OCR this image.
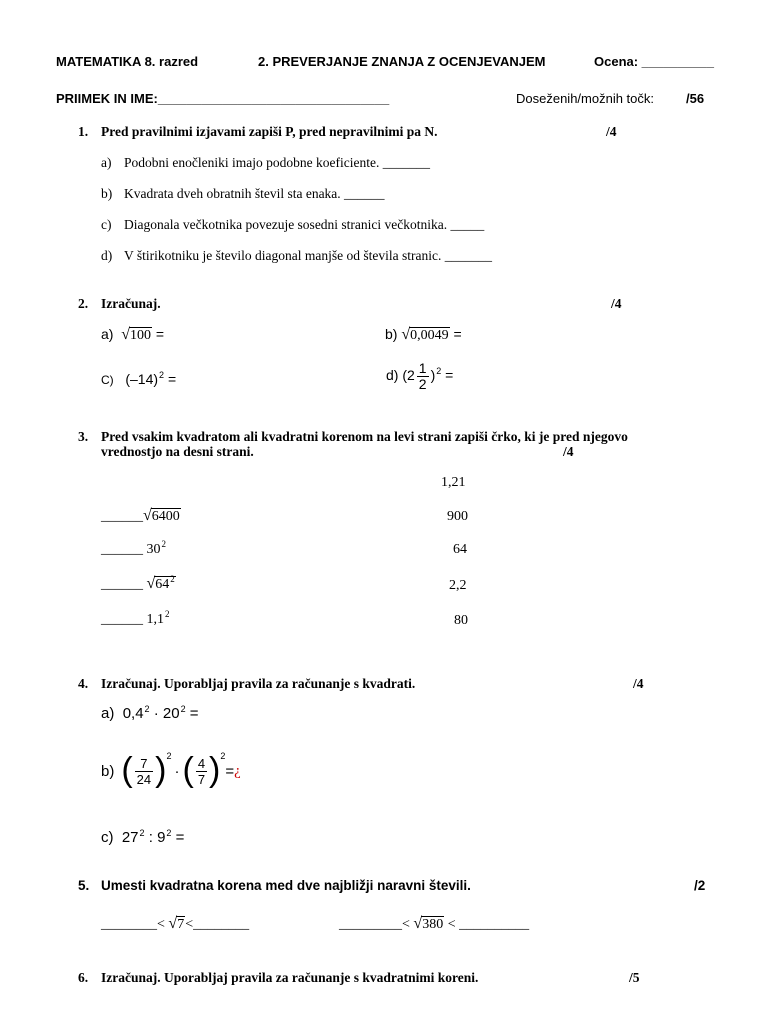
MATEMATIKA 8. razred	2. PREVERJANJE ZNANJA Z OCENJEVANJEM	Ocena: __________
PRIIMEK IN IME:________________________________	Doseženih/možnih točk: /56
1. Pred pravilnimi izjavami zapiši P, pred nepravilnimi pa N.	/4
a) Podobni enočleniki imajo podobne koeficiente. _______
b) Kvadrata dveh obratnih števil sta enaka. ______
c) Diagonala večkotnika povezuje sosedni stranici večkotnika. _____
d) V štirikotniku je število diagonal manjše od števila stranic. _______
2. Izračunaj.	/4
a) √100 =	b) √0,0049 =
C) $(-14)^2$ =	d) $(2 \frac{1}{2} )^2$ =
3. Pred vsakim kvadratom ali kvadratni korenom na levi strani zapiši črko, ki je pred njegovo
vrednostjo na desni strani.	/4
1,21
______√6400	900
______ $30^2$	64
______ $√64^2$	2,2
______ $1,1^2$	80
4. Izračunaj. Uporabljaj pravila za računanje s kvadrati.	/4
a) $0,4^2 \cdot 20^2$ =
b) ( $\frac{7}{24}$ ) 2
· ( $\frac{4}{7}$ ) 2
= ¿
c) $27^2$ : $9^2$ =
5. Umesti kvadratna korena med dve najbližji naravni števili.	/2
________< √7<________	_________< √380 < __________
6. Izračunaj. Uporabljaj pravila za računanje s kvadratnimi koreni.	/5
